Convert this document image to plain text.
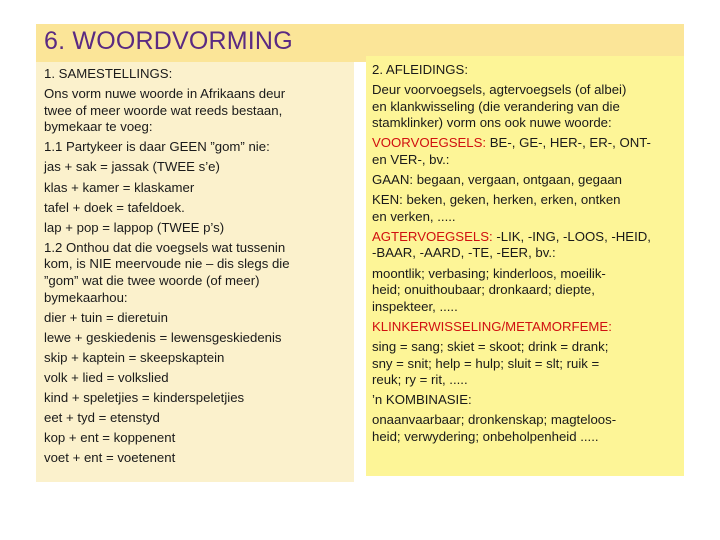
6. WOORDVORMING
1. SAMESTELLINGS:
Ons vorm nuwe woorde in Afrikaans deur
twee of meer woorde wat reeds bestaan,
bymekaar te voeg:
1.1 Partykeer is daar GEEN ”gom” nie:
jas + sak = jassak (TWEE s’e)
klas + kamer = klaskamer
tafel + doek = tafeldoek.
lap + pop = lappop (TWEE p’s)
1.2 Onthou dat die voegsels wat tussenin
kom, is NIE meervoude nie – dis slegs die
”gom” wat die twee woorde (of meer)
bymekaarhou:
dier + tuin = dieretuin
lewe + geskiedenis = lewensgeskiedenis
skip + kaptein = skeepskaptein
volk + lied = volkslied
kind + speletjies = kinderspeletjies
eet + tyd = etenstyd
kop + ent = koppenent
voet + ent = voetenent
2. AFLEIDINGS:
Deur voorvoegsels, agtervoegsels (of albei)
en klankwisseling (die verandering van die
stamklinker) vorm ons ook nuwe woorde:
VOORVOEGSELS: BE-, GE-, HER-, ER-, ONT-
en VER-, bv.:
GAAN: begaan, vergaan, ontgaan, gegaan
KEN: beken, geken, herken, erken, ontken
en verken, .....
AGTERVOEGSELS: -LIK, -ING, -LOOS, -HEID,
-BAAR, -AARD, -TE, -EER, bv.:
moontlik; verbasing; kinderloos, moeilik-
heid; onuithoubaar; dronkaard; diepte,
inspekteer, .....
KLINKERWISSELING/METAMORFEME:
sing = sang; skiet = skoot; drink = drank;
sny = snit; help = hulp; sluit = slt; ruik =
reuk; ry = rit, .....
’n KOMBINASIE:
onaanvaarbaar; dronkenskap; magteloos-
heid; verwydering; onbeholpenheid .....
